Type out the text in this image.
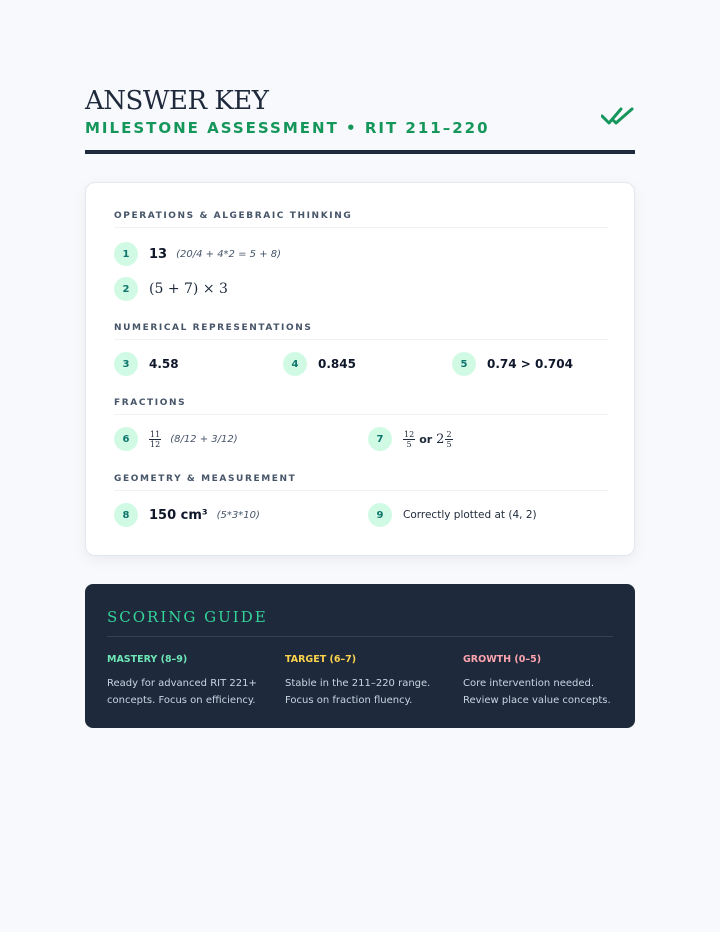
ANSWER KEY
MILESTONE ASSESSMENT • RIT 211–220
OPERATIONS & ALGEBRAIC THINKING
1	13 (20/4 + 4*2 = 5 + 8)
2	(5 + 7) × 3
NUMERICAL REPRESENTATIONS
3	4.58	4	0.845	5	0.74 > 0.704
FRACTIONS
6	$\frac{11}{12} (8/12 + 3/12)$	7	$\frac{12}{5}$ or $2 \frac{2}{5}$
GEOMETRY & MEASUREMENT
8	150 cm³ (5*3*10)	9	Correctly plotted at (4, 2)
SCORING GUIDE
MASTERY (8–9)
Ready for advanced RIT 221+
concepts. Focus on efficiency.
TARGET (6–7)
Stable in the 211–220 range.
Focus on fraction fluency.
GROWTH (0–5)
Core intervention needed.
Review place value concepts.
